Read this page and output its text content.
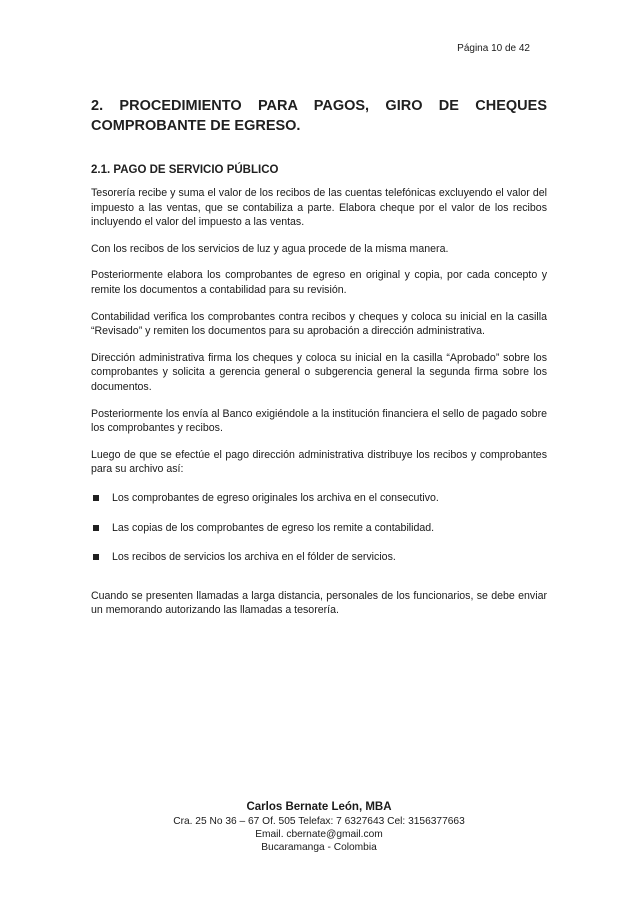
Página 10 de 42
2. PROCEDIMIENTO PARA PAGOS, GIRO DE CHEQUES COMPROBANTE DE EGRESO.
2.1. PAGO DE SERVICIO PÚBLICO

Tesorería recibe y suma el valor de los recibos de las cuentas telefónicas excluyendo el valor del impuesto a las ventas, que se contabiliza a parte. Elabora cheque por el valor de los recibos incluyendo el valor del impuesto a las ventas.

Con los recibos de los servicios de luz y agua procede de la misma manera.

Posteriormente elabora los comprobantes de egreso en original y copia, por cada concepto y remite los documentos a contabilidad para su revisión.

Contabilidad verifica los comprobantes contra recibos y cheques y coloca su inicial en la casilla “Revisado” y remiten los documentos para su aprobación a dirección administrativa.

Dirección administrativa firma los cheques y coloca su inicial en la casilla “Aprobado” sobre los comprobantes y solicita a gerencia general o subgerencia general la segunda firma sobre los documentos.

Posteriormente los envía al Banco exigiéndole a la institución financiera el sello de pagado sobre los comprobantes y recibos.

Luego de que se efectúe el pago dirección administrativa distribuye los recibos y comprobantes para su archivo así:

Los comprobantes de egreso originales los archiva en el consecutivo.
Las copias de los comprobantes de egreso los remite a contabilidad.
Los recibos de servicios los archiva en el fólder de servicios.

Cuando se presenten llamadas a larga distancia, personales de los funcionarios, se debe enviar un memorando autorizando las llamadas a tesorería.

Carlos Bernate León, MBA
Cra. 25 No 36 – 67 Of. 505 Telefax: 7 6327643 Cel: 3156377663
Email. cbernate@gmail.com
Bucaramanga - Colombia
